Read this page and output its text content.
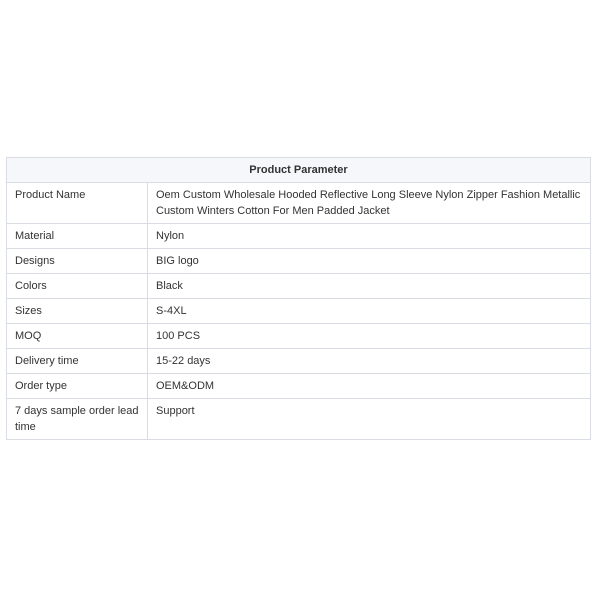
Product Parameter	
Product Name	Oem Custom Wholesale Hooded Reflective Long Sleeve Nylon Zipper Fashion Metallic Custom Winters Cotton For Men Padded Jacket
Material	Nylon
Designs	BIG logo
Colors	Black
Sizes	S-4XL
MOQ	100 PCS
Delivery time	15-22 days
Order type	OEM&ODM
7 days sample order lead time	Support
